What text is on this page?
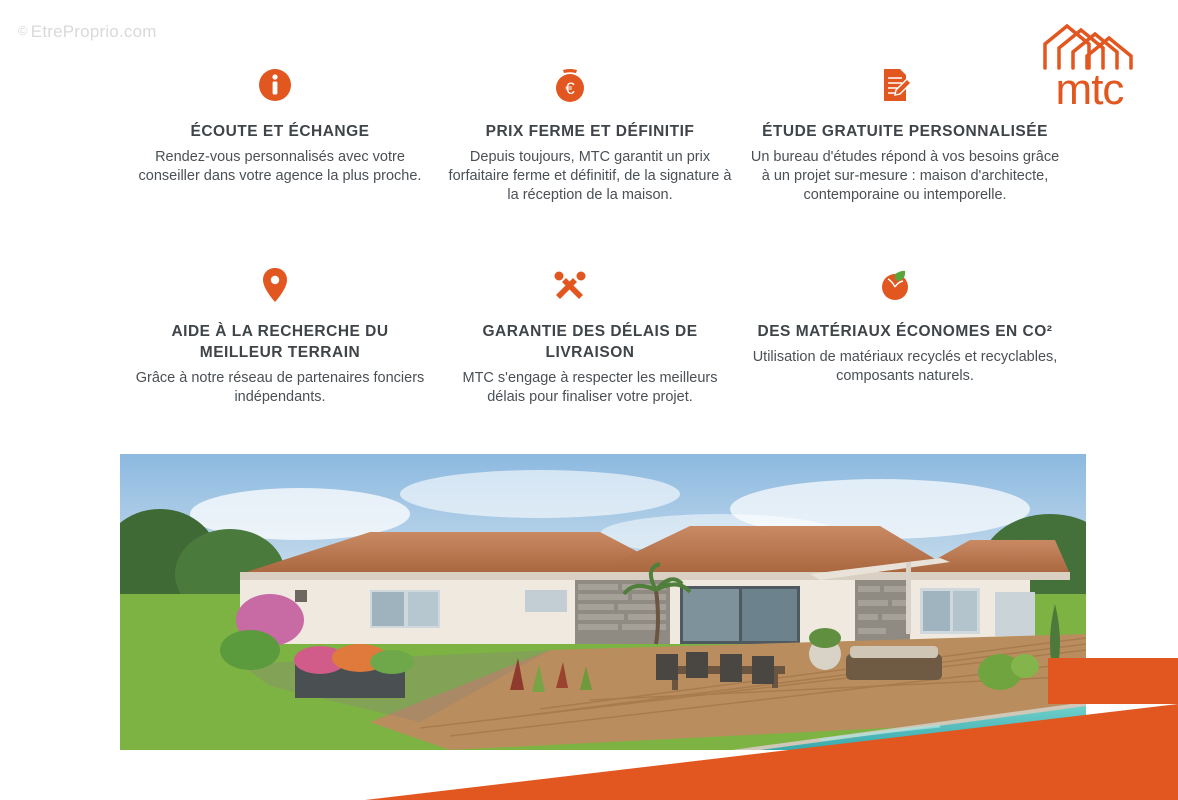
© EtreProprio.com
mtc
ÉCOUTE ET ÉCHANGE

Rendez-vous personnalisés avec votre conseiller dans votre agence la plus proche.

€
PRIX FERME ET DÉFINITIF

Depuis toujours, MTC garantit un prix forfaitaire ferme et définitif, de la signature à la réception de la maison.

ÉTUDE GRATUITE PERSONNALISÉE

Un bureau d'études répond à vos besoins grâce à un projet sur-mesure : maison d'architecte, contemporaine ou intemporelle.

AIDE À LA RECHERCHE DU MEILLEUR TERRAIN

Grâce à notre réseau de partenaires fonciers indépendants.

GARANTIE DES DÉLAIS DE LIVRAISON

MTC s'engage à respecter les meilleurs délais pour finaliser votre projet.

DES MATÉRIAUX ÉCONOMES EN CO²

Utilisation de matériaux recyclés et recyclables, composants naturels.
